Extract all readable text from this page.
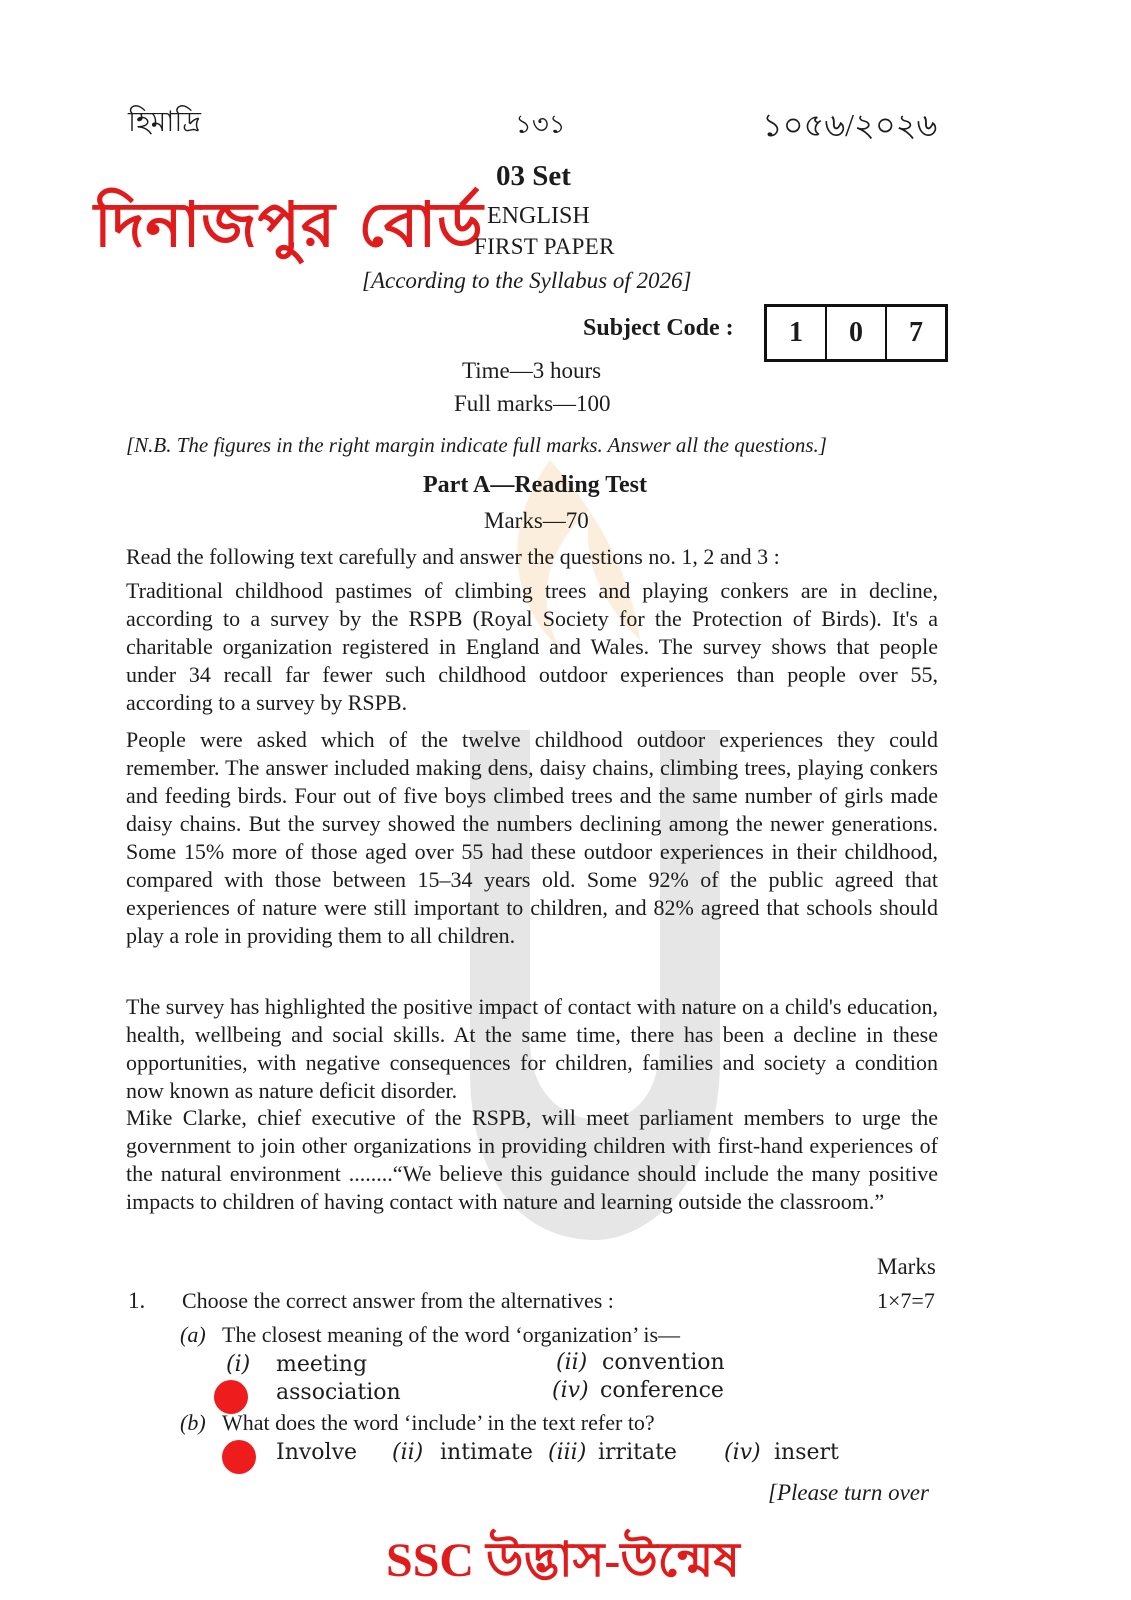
হিমাদ্রি	১৩১	১০৫৬/২০২৬
03 Set
দিনাজপুর বোর্ড ENGLISH
FIRST PAPER
[According to the Syllabus of 2026]
Subject Code :	1	0	7
Time—3 hours
Full marks—100
[N.B. The figures in the right margin indicate full marks. Answer all the questions.]
Part A—Reading Test
Marks—70
Read the following text carefully and answer the questions no. 1, 2 and 3 :
Traditional childhood pastimes of climbing trees and playing conkers are in decline, according to a survey by the RSPB (Royal Society for the Protection of Birds). It's a charitable organization registered in England and Wales. The survey shows that people under 34 recall far fewer such childhood outdoor experiences than people over 55, according to a survey by RSPB.
People were asked which of the twelve childhood outdoor experiences they could remember. The answer included making dens, daisy chains, climbing trees, playing conkers and feeding birds. Four out of five boys climbed trees and the same number of girls made daisy chains. But the survey showed the numbers declining among the newer generations. Some 15% more of those aged over 55 had these outdoor experiences in their childhood, compared with those between 15–34 years old. Some 92% of the public agreed that experiences of nature were still important to children, and 82% agreed that schools should play a role in providing them to all children.
The survey has highlighted the positive impact of contact with nature on a child's education, health, wellbeing and social skills. At the same time, there has been a decline in these opportunities, with negative consequences for children, families and society a condition now known as nature deficit disorder.
Mike Clarke, chief executive of the RSPB, will meet parliament members to urge the government to join other organizations in providing children with first-hand experiences of the natural environment ........“We believe this guidance should include the many positive impacts to children of having contact with nature and learning outside the classroom.”
Marks
1. Choose the correct answer from the alternatives :	1×7=7
(a) The closest meaning of the word ‘organization’ is—
(i) meeting	(ii) convention
association	(iv) conference
(b) What does the word ‘include’ in the text refer to?
Involve (ii) intimate (iii) irritate (iv) insert
[Please turn over
SSC উদ্ভাস-উন্মেষ
